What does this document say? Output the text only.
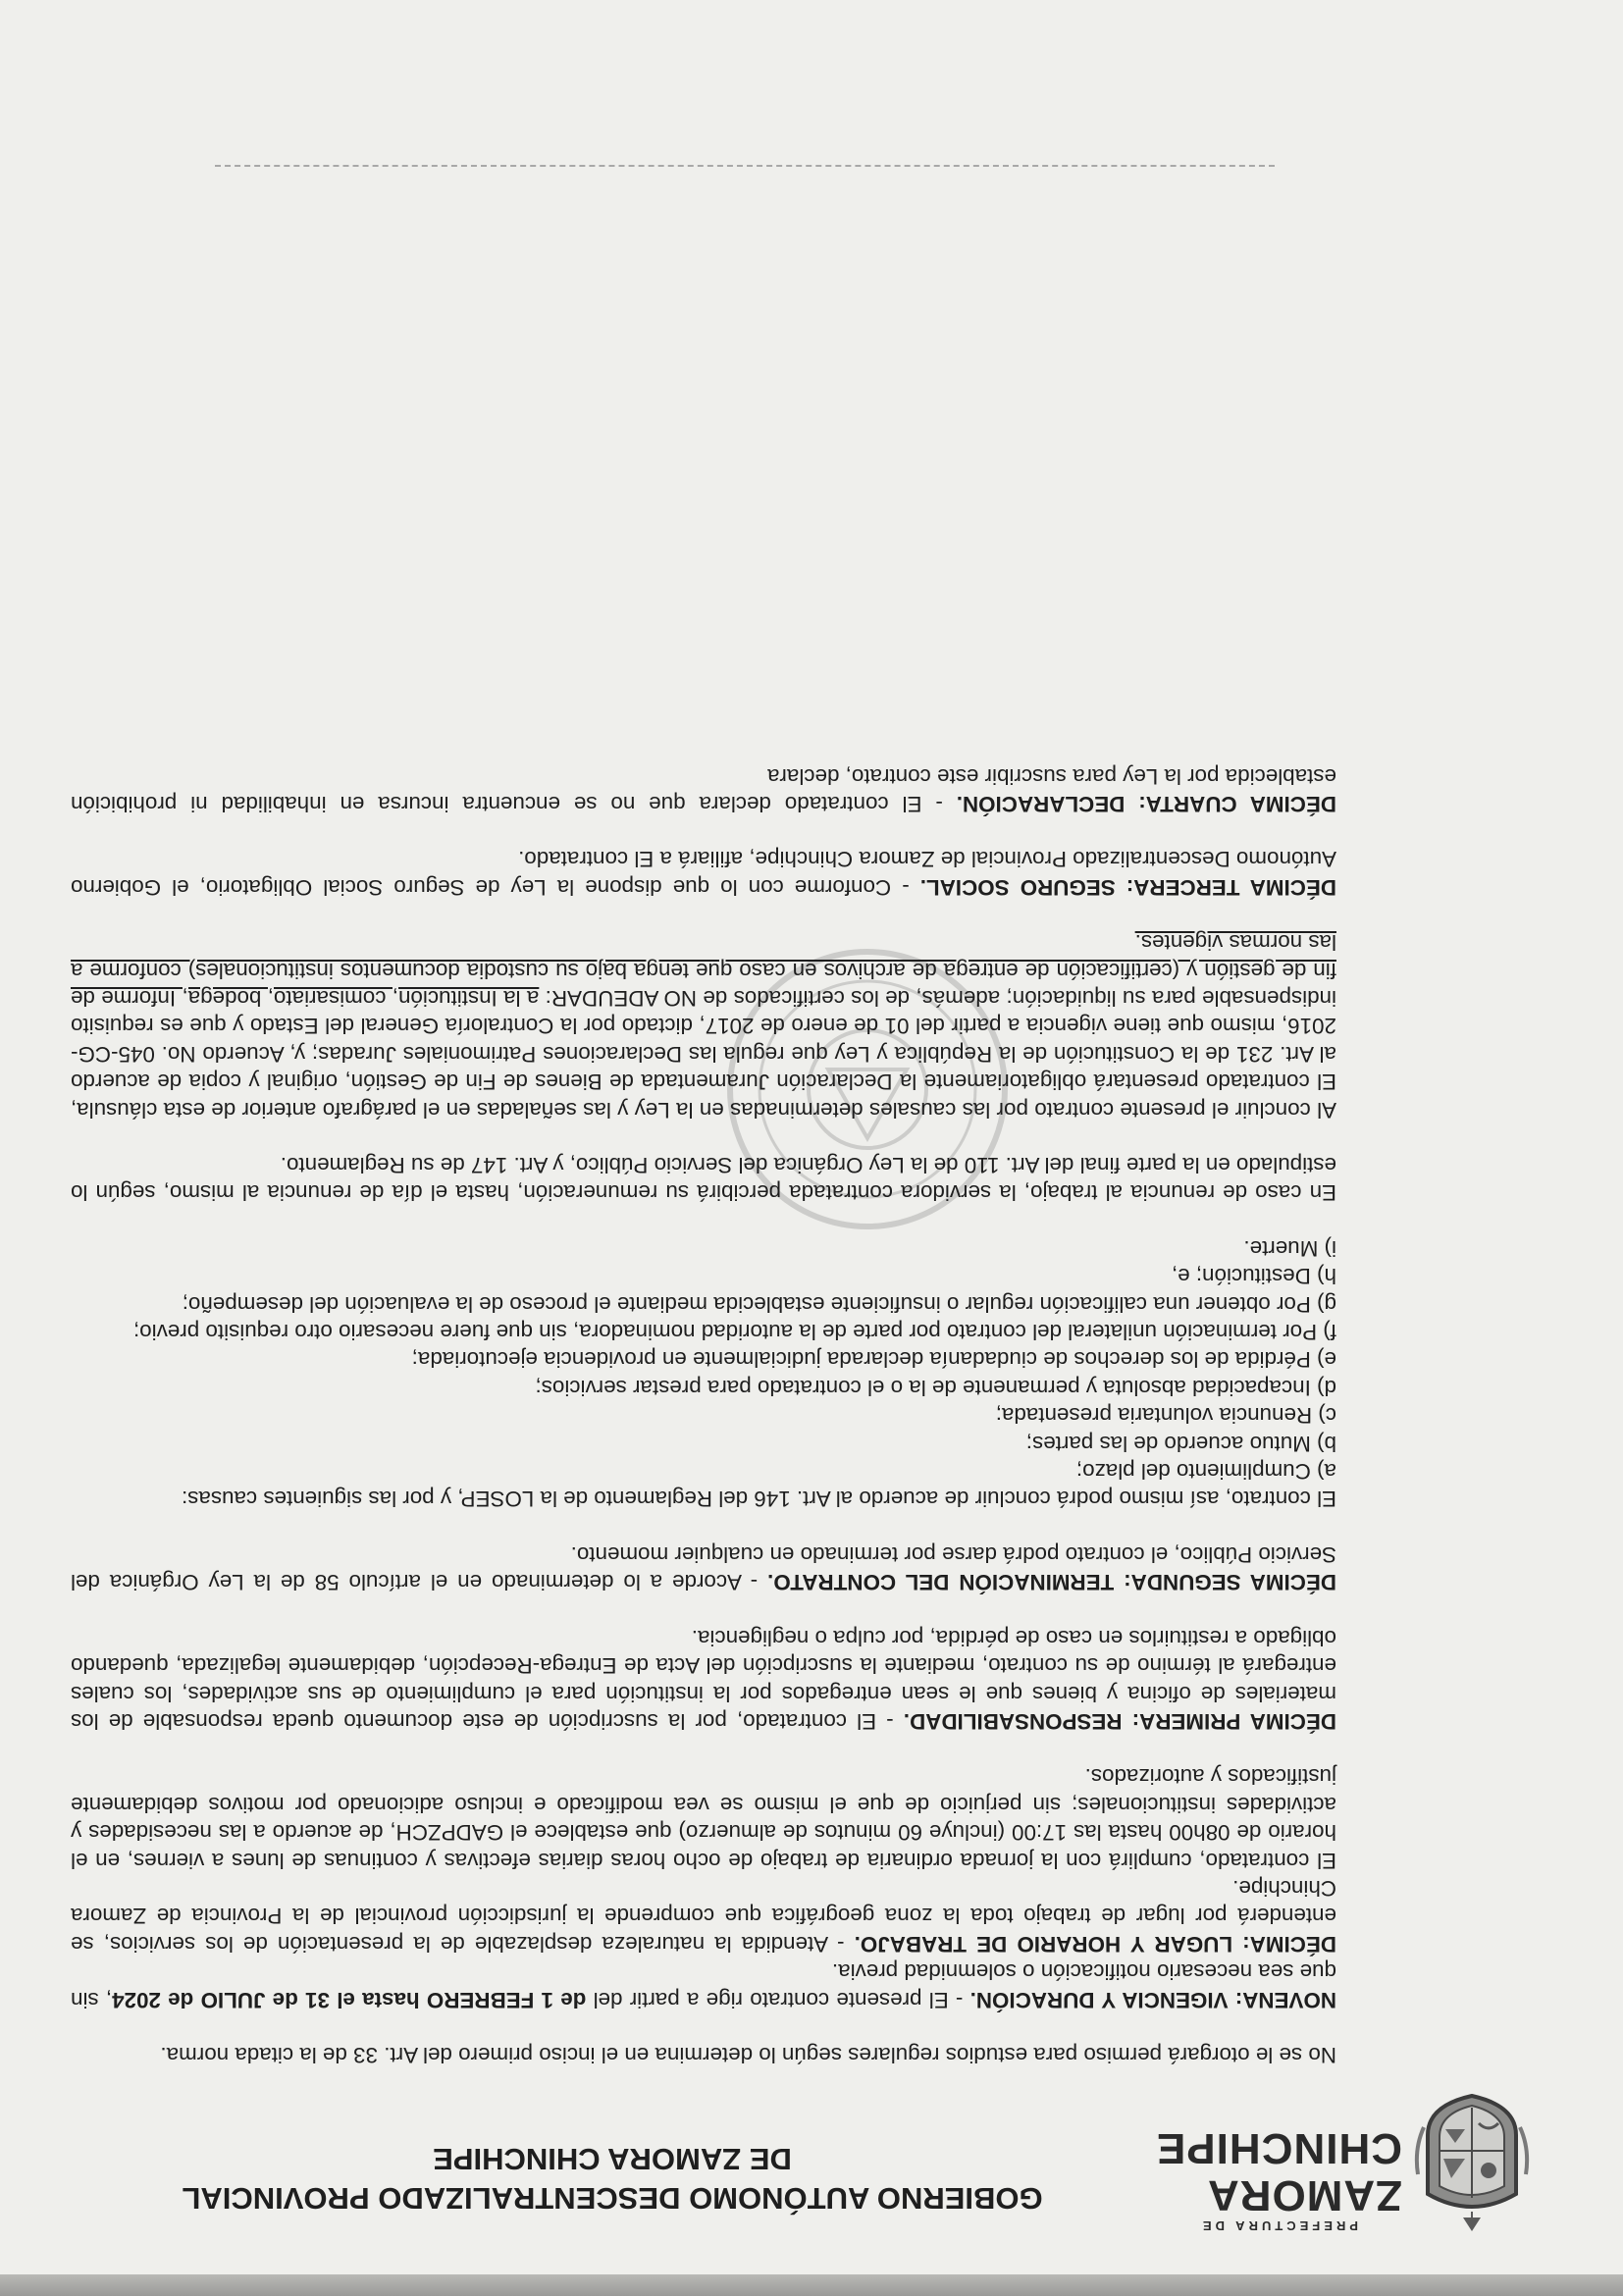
PREFECTURA DE
ZAMORA
CHINCHIPE
GOBIERNO AUTÓNOMO DESCENTRALIZADO PROVINCIAL
DE ZAMORA CHINCHIPE

No se le otorgará permiso para estudios regulares según lo determina en el inciso primero del Art. 33 de la citada norma.

NOVENA: VIGENCIA Y DURACIÓN. - El presente contrato rige a partir del de 1 FEBRERO hasta el 31 de JULIO de 2024, sin que sea necesario notificación o solemnidad previa.

DÉCIMA: LUGAR Y HORARIO DE TRABAJO. - Atendida la naturaleza desplazable de la presentación de los servicios, se entenderá por lugar de trabajo toda la zona geográfica que comprende la jurisdicción provincial de la Provincia de Zamora Chinchipe.

El contratado, cumplirá con la jornada ordinaria de trabajo de ocho horas diarias efectivas y continuas de lunes a viernes, en el horario de 08h00 hasta las 17:00 (incluye 60 minutos de almuerzo) que establece el GADPZCH, de acuerdo a las necesidades y actividades institucionales; sin perjuicio de que el mismo se vea modificado e incluso adicionado por motivos debidamente justificados y autorizados.

DÉCIMA PRIMERA: RESPONSABILIDAD. - El contratado, por la suscripción de este documento queda responsable de los materiales de oficina y bienes que le sean entregados por la institución para el cumplimiento de sus actividades, los cuales entregará al término de su contrato, mediante la suscripción del Acta de Entrega-Recepción, debidamente legalizada, quedando obligado a restituirlos en caso de pérdida, por culpa o negligencia.

DÉCIMA SEGUNDA: TERMINACIÓN DEL CONTRATO. - Acorde a lo determinado en el artículo 58 de la Ley Orgánica del Servicio Público, el contrato podrá darse por terminado en cualquier momento.

El contrato, así mismo podrá concluir de acuerdo al Art. 146 del Reglamento de la LOSEP, y por las siguientes causas:

a) Cumplimiento del plazo;
b) Mutuo acuerdo de las partes;
c) Renuncia voluntaria presentada;
d) Incapacidad absoluta y permanente de la o el contratado para prestar servicios;
e) Pérdida de los derechos de ciudadanía declarada judicialmente en providencia ejecutoriada;
f) Por terminación unilateral del contrato por parte de la autoridad nominadora, sin que fuere necesario otro requisito previo;
g) Por obtener una calificación regular o insuficiente establecida mediante el proceso de la evaluación del desempeño;
h) Destitución; e,
i) Muerte.

En caso de renuncia al trabajo, la servidora contratada percibirá su remuneración, hasta el día de renuncia al mismo, según lo estipulado en la parte final del Art. 110 de la Ley Orgánica del Servicio Público, y Art. 147 de su Reglamento.

Al concluir el presente contrato por las causales determinadas en la Ley y las señaladas en el parágrafo anterior de esta cláusula, El contratado presentará obligatoriamente la Declaración Juramentada de Bienes de Fin de Gestión, original y copia de acuerdo al Art. 231 de la Constitución de la República y Ley que regula las Declaraciones Patrimoniales Juradas; y, Acuerdo No. 045-CG-2016, mismo que tiene vigencia a partir del 01 de enero de 2017, dictado por la Contraloría General del Estado y que es requisito indispensable para su liquidación; además, de los certificados de NO ADEUDAR: a la Institución, comisariato, bodega, Informe de fin de gestión y (certificación de entrega de archivos en caso que tenga bajo su custodia documentos institucionales) conforme a las normas vigentes.

DÉCIMA TERCERA: SEGURO SOCIAL. - Conforme con lo que dispone la Ley de Seguro Social Obligatorio, el Gobierno Autónomo Descentralizado Provincial de Zamora Chinchipe, afiliará a El contratado.

DÉCIMA CUARTA: DECLARACIÓN. - El contratado declara que no se encuentra incursa en inhabilidad ni prohibición establecida por la Ley para suscribir este contrato, declara
